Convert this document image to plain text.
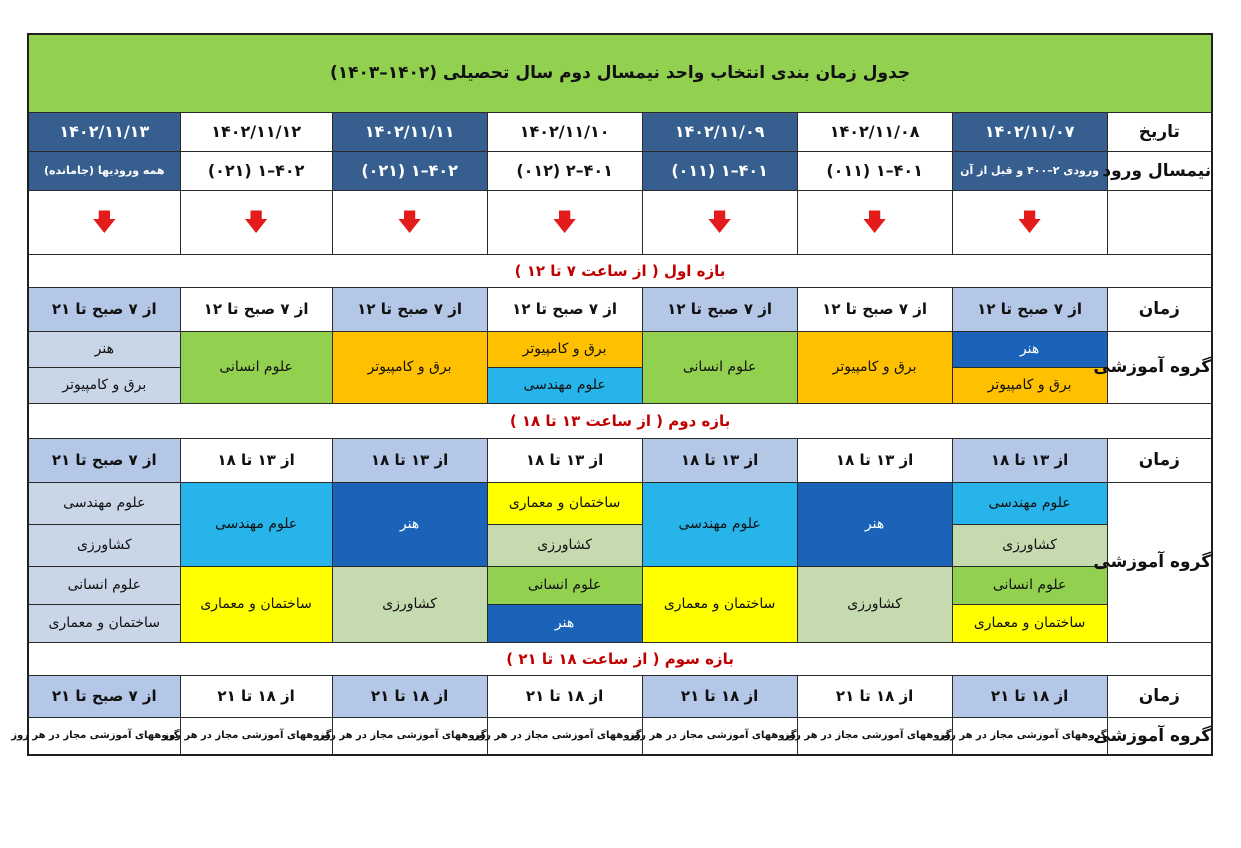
جدول زمان بندی انتخاب واحد نیمسال دوم سال تحصیلی (۱۴۰۲–۱۴۰۳)							
تاریخ	۱۴۰۲/۱۱/۰۷	۱۴۰۲/۱۱/۰۸	۱۴۰۲/۱۱/۰۹	۱۴۰۲/۱۱/۱۰	۱۴۰۲/۱۱/۱۱	۱۴۰۲/۱۱/۱۲	۱۴۰۲/۱۱/۱۳
نیمسال ورود	ورودی ۲–۴۰۰ و قبل از آن	۴۰۱–۱ (۰۱۱)	۴۰۱–۱ (۰۱۱)	۴۰۱–۲ (۰۱۲)	۴۰۲–۱ (۰۲۱)	۴۰۲–۱ (۰۲۱)	همه ورودیها (جامانده)
	🡇	🡇	🡇	🡇	🡇	🡇	🡇
بازه اول ( از ساعت ۷ تا ۱۲ )							
زمان	از ۷ صبح تا ۱۲	از ۷ صبح تا ۱۲	از ۷ صبح تا ۱۲	از ۷ صبح تا ۱۲	از ۷ صبح تا ۱۲	از ۷ صبح تا ۱۲	از ۷ صبح تا ۲۱
گروه آموزشی	هنر	برق و کامپیوتر	علوم انسانی	برق و کامپیوتر	برق و کامپیوتر	علوم انسانی	هنر
	برق و کامپیوتر			علوم مهندسی			برق و کامپیوتر
بازه دوم ( از ساعت ۱۳ تا ۱۸ )							
زمان	از ۱۳ تا ۱۸	از ۱۳ تا ۱۸	از ۱۳ تا ۱۸	از ۱۳ تا ۱۸	از ۱۳ تا ۱۸	از ۱۳ تا ۱۸	از ۷ صبح تا ۲۱
گروه آموزشی	علوم مهندسی	هنر	علوم مهندسی	ساختمان و معماری	هنر	علوم مهندسی	علوم مهندسی
	کشاورزی			کشاورزی			کشاورزی
	علوم انسانی	کشاورزی	ساختمان و معماری	علوم انسانی	کشاورزی	ساختمان و معماری	علوم انسانی
	ساختمان و معماری			هنر			ساختمان و معماری
بازه سوم ( از ساعت ۱۸ تا ۲۱ )							
زمان	از ۱۸ تا ۲۱	از ۱۸ تا ۲۱	از ۱۸ تا ۲۱	از ۱۸ تا ۲۱	از ۱۸ تا ۲۱	از ۱۸ تا ۲۱	از ۷ صبح تا ۲۱
گروه آموزشی	گروههای آموزشی مجاز در هر روز	گروههای آموزشی مجاز در هر روز	گروههای آموزشی مجاز در هر روز	گروههای آموزشی مجاز در هر روز	گروههای آموزشی مجاز در هر روز	گروههای آموزشی مجاز در هر روز	گروههای آموزشی مجاز در هر روز
